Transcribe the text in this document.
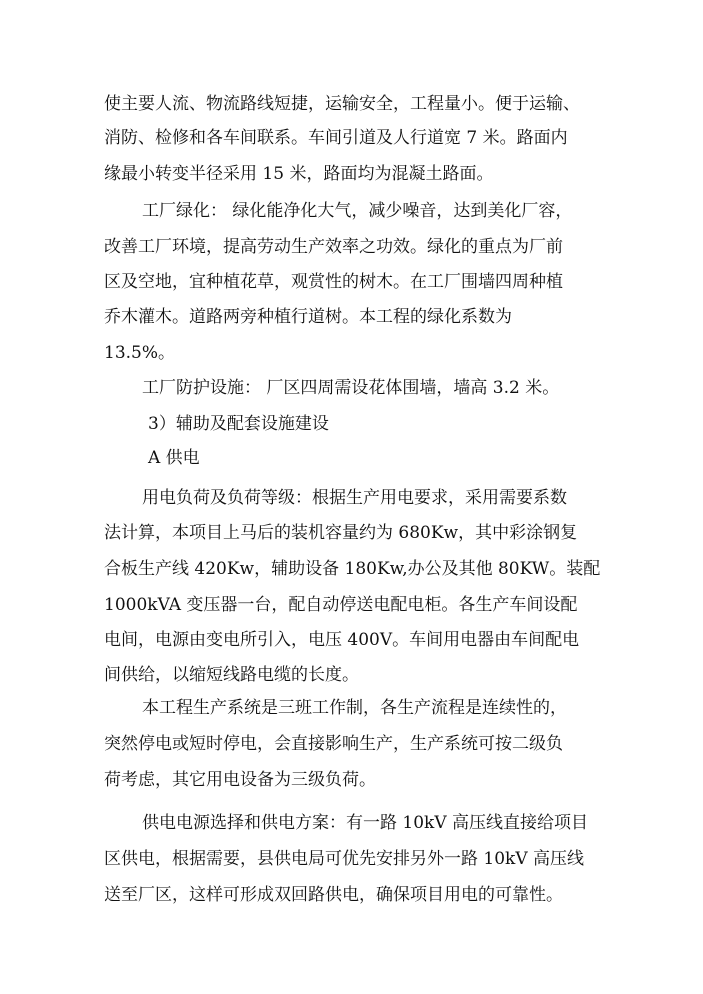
使主要人流、物流路线短捷，运输安全，工程量小。便于运输、
消防、检修和各车间联系。车间引道及人行道宽 7 米。路面内
缘最小转变半径采用 15 米，路面均为混凝土路面。
工厂绿化： 绿化能净化大气，减少噪音，达到美化厂容，
改善工厂环境，提高劳动生产效率之功效。绿化的重点为厂前
区及空地，宜种植花草，观赏性的树木。在工厂围墙四周种植
乔木灌木。道路两旁种植行道树。本工程的绿化系数为
13.5%。
工厂防护设施： 厂区四周需设花体围墙，墙高 3.2 米。
3）辅助及配套设施建设
A 供电
用电负荷及负荷等级：根据生产用电要求，采用需要系数
法计算，本项目上马后的装机容量约为 680Kw，其中彩涂钢复
合板生产线 420Kw，辅助设备 180Kw,办公及其他 80KW。装配
1000kVA 变压器一台，配自动停送电配电柜。各生产车间设配
电间，电源由变电所引入，电压 400V。车间用电器由车间配电
间供给，以缩短线路电缆的长度。
本工程生产系统是三班工作制，各生产流程是连续性的，
突然停电或短时停电，会直接影响生产，生产系统可按二级负
荷考虑，其它用电设备为三级负荷。
供电电源选择和供电方案：有一路 10kV 高压线直接给项目
区供电，根据需要，县供电局可优先安排另外一路 10kV 高压线
送至厂区，这样可形成双回路供电，确保项目用电的可靠性。
